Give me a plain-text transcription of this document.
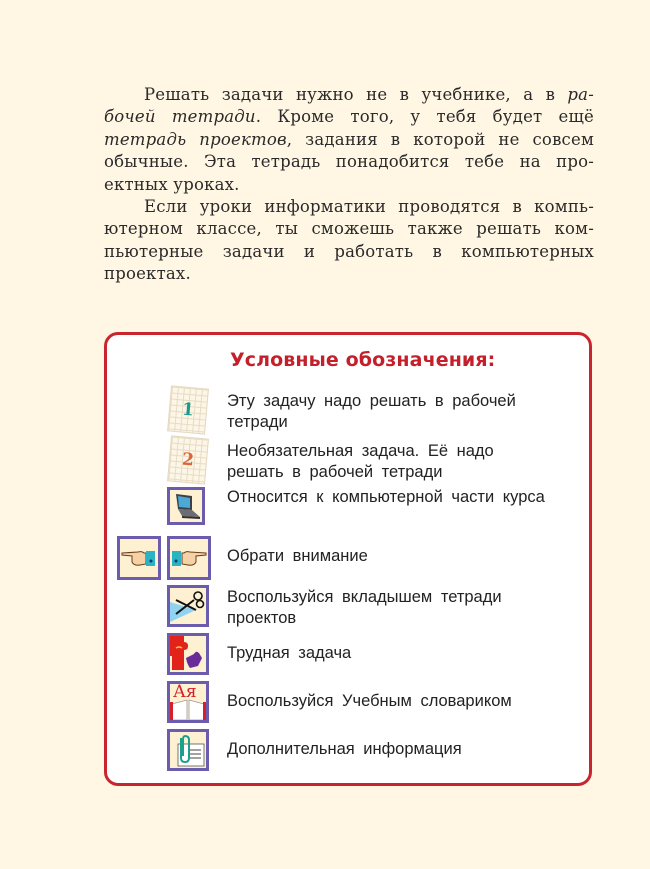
Решать задачи нужно не в учебнике, а в ра-
бочей тетради. Кроме того, у тебя будет ещё
тетрадь проектов, задания в которой не совсем
обычные. Эта тетрадь понадобится тебе на про-
ектных уроках.

Если уроки информатики проводятся в компь-
ютерном классе, ты сможешь также решать ком-
пьютерные задачи и работать в компьютерных
проектах.

Условные обозначения:
1 Эту задачу надо решать в рабочей тетради
2 Необязательная задача. Её надо решать в рабочей тетради
Относится к компьютерной части курса
Обрати внимание
Воспользуйся вкладышем тетради проектов
Трудная задача
Ая Воспользуйся Учебным словариком
Дополнительная информация
